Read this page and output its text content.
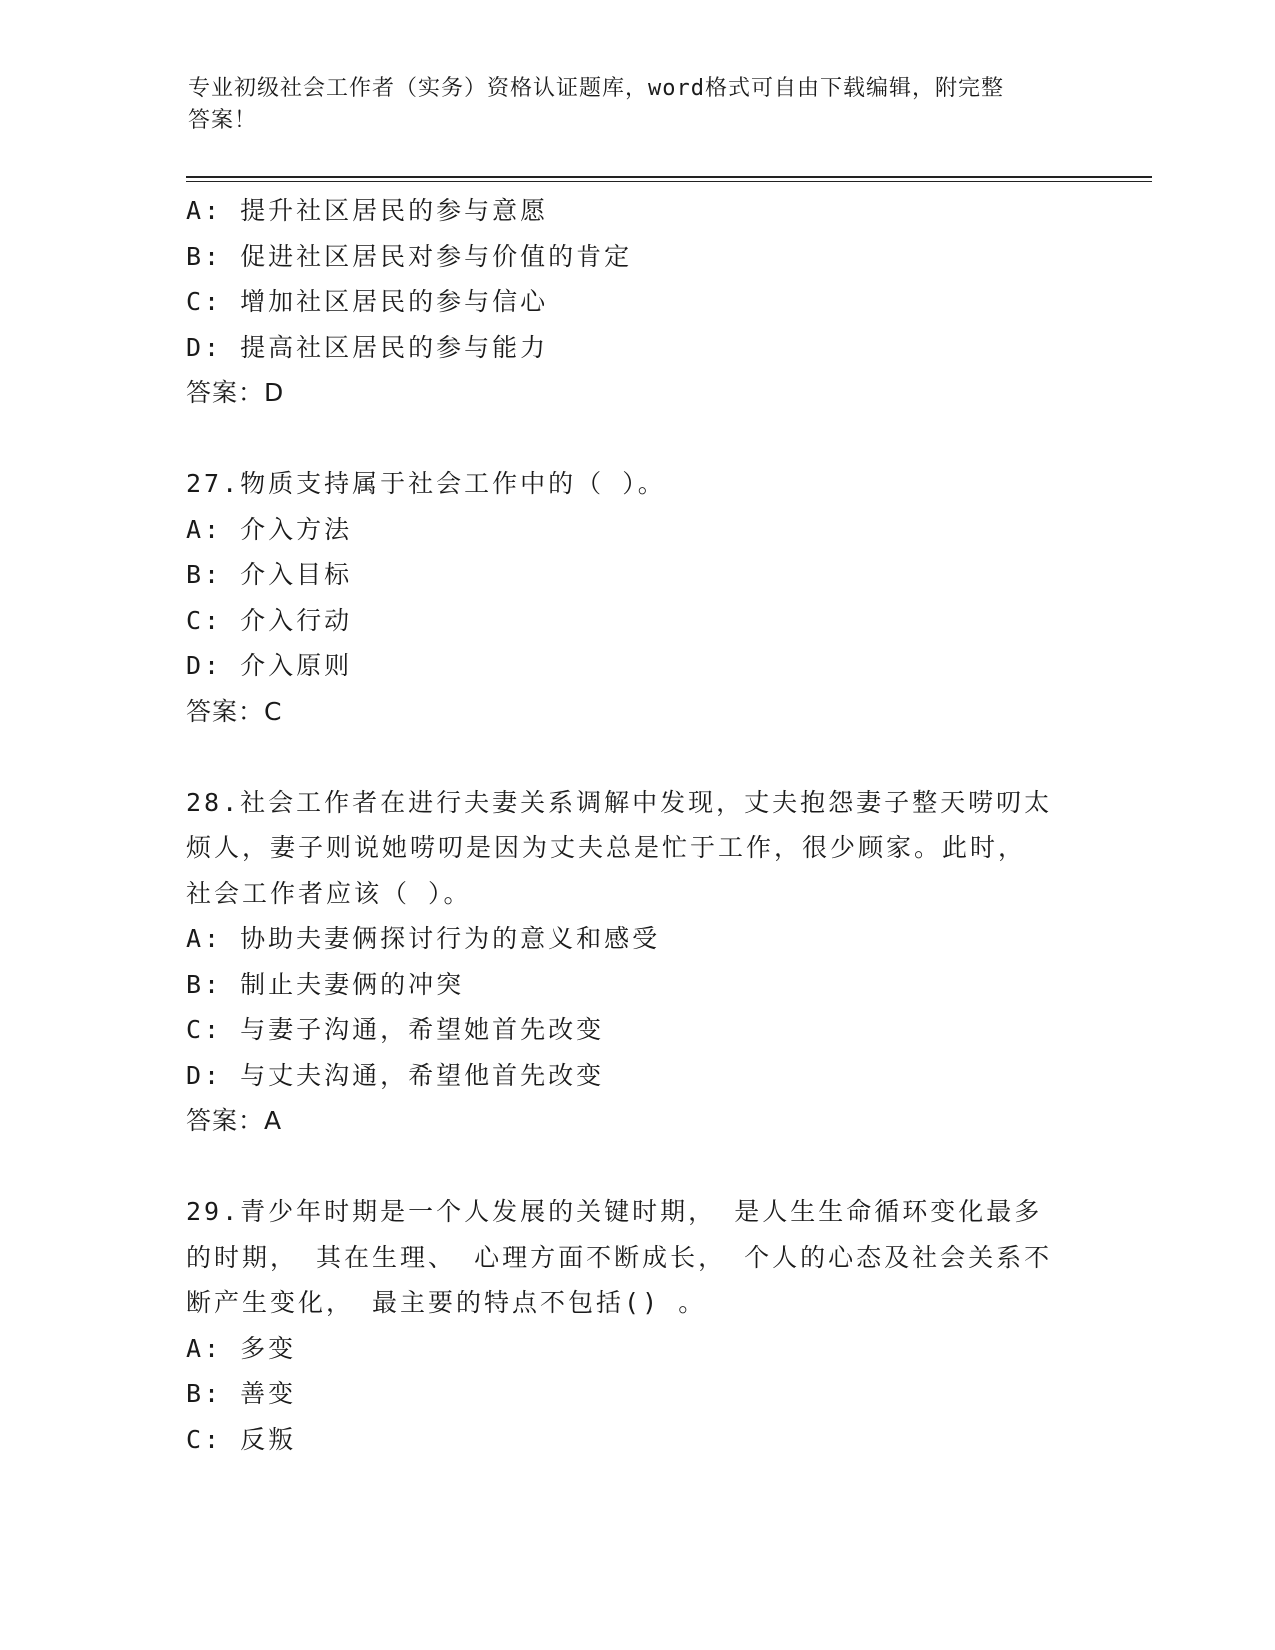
专业初级社会工作者（实务）资格认证题库，word格式可自由下载编辑，附完整
答案！
A: 提升社区居民的参与意愿
B: 促进社区居民对参与价值的肯定
C: 增加社区居民的参与信心
D: 提高社区居民的参与能力
答案：D
27.物质支持属于社会工作中的（ ）。
A: 介入方法
B: 介入目标
C: 介入行动
D: 介入原则
答案：C
28.社会工作者在进行夫妻关系调解中发现，丈夫抱怨妻子整天唠叨太
烦人，妻子则说她唠叨是因为丈夫总是忙于工作，很少顾家。此时，
社会工作者应该（ ）。
A: 协助夫妻俩探讨行为的意义和感受
B: 制止夫妻俩的冲突
C: 与妻子沟通，希望她首先改变
D: 与丈夫沟通，希望他首先改变
答案：A
29.青少年时期是一个人发展的关键时期， 是人生生命循环变化最多
的时期， 其在生理、 心理方面不断成长， 个人的心态及社会关系不
断产生变化， 最主要的特点不包括() 。
A: 多变
B: 善变
C: 反叛
